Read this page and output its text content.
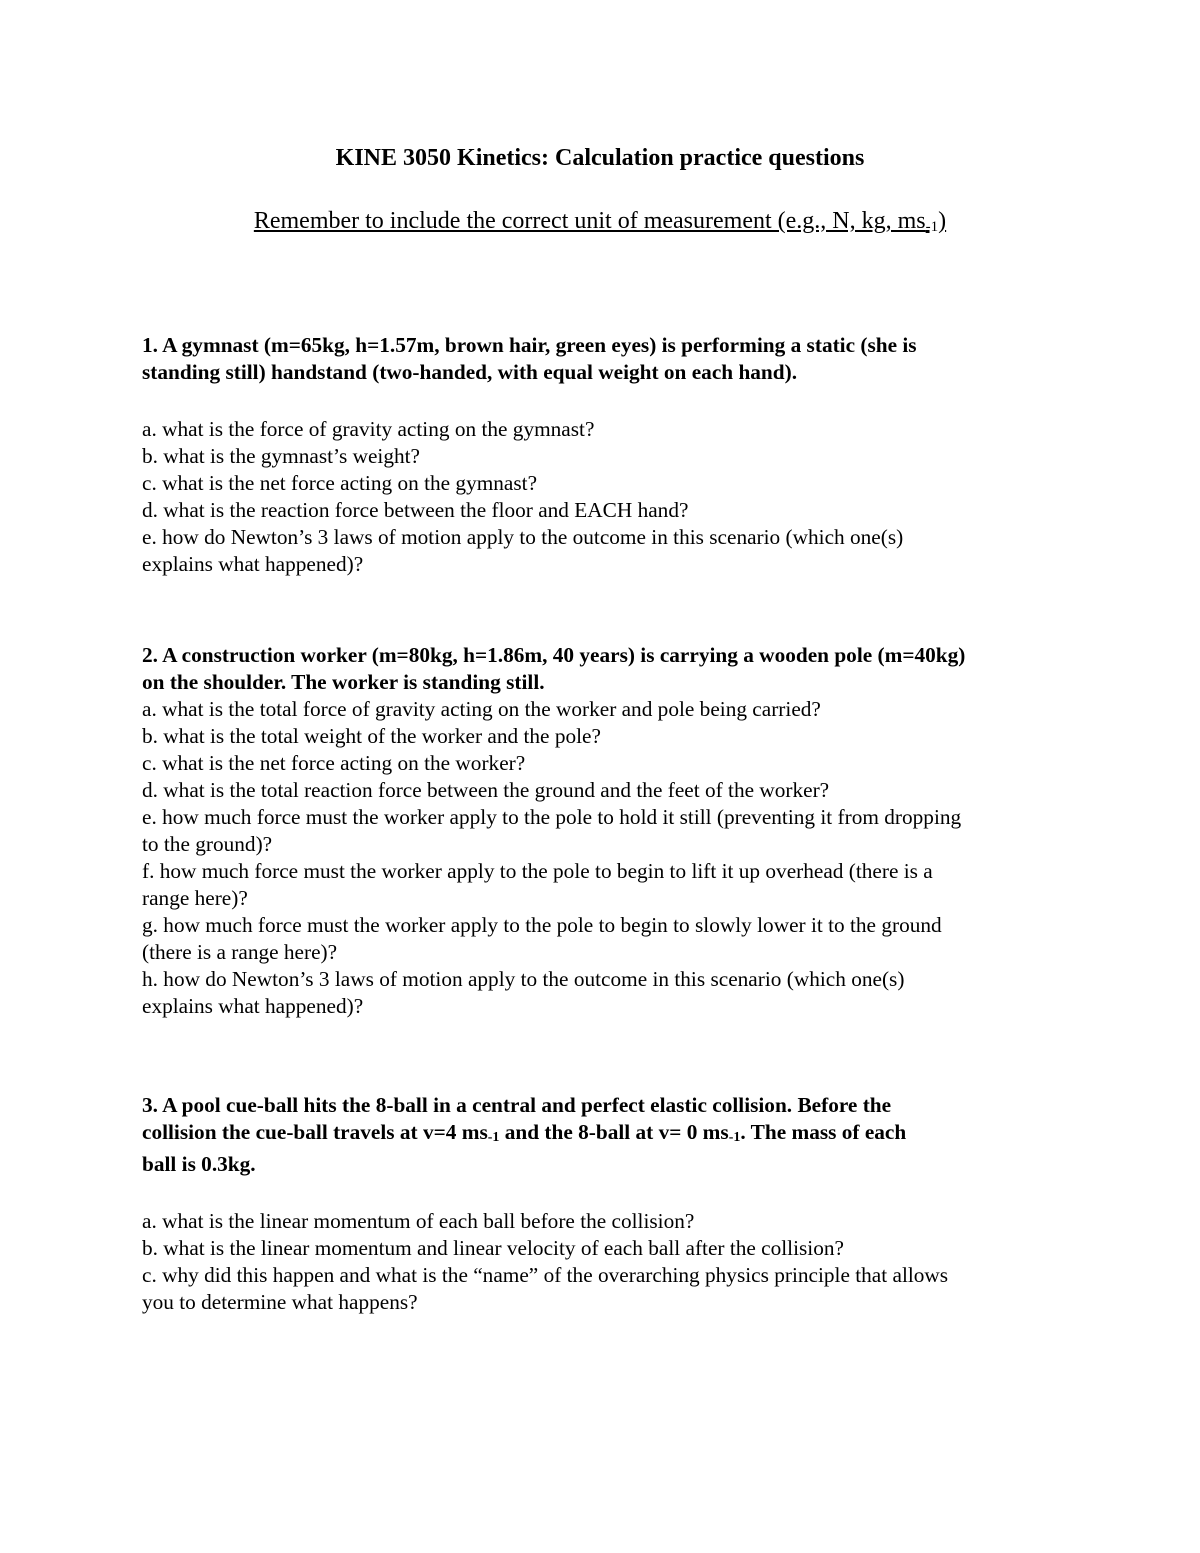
KINE 3050 Kinetics: Calculation practice questions
Remember to include the correct unit of measurement (e.g., N, kg, $ms_{-1}$)

1. A gymnast (m=65kg, h=1.57m, brown hair, green eyes) is performing a static (she is
standing still) handstand (two-handed, with equal weight on each hand).

a. what is the force of gravity acting on the gymnast?
b. what is the gymnast’s weight?
c. what is the net force acting on the gymnast?
d. what is the reaction force between the floor and EACH hand?
e. how do Newton’s 3 laws of motion apply to the outcome in this scenario (which one(s)
explains what happened)?

2. A construction worker (m=80kg, h=1.86m, 40 years) is carrying a wooden pole (m=40kg)
on the shoulder. The worker is standing still.

a. what is the total force of gravity acting on the worker and pole being carried?
b. what is the total weight of the worker and the pole?
c. what is the net force acting on the worker?
d. what is the total reaction force between the ground and the feet of the worker?
e. how much force must the worker apply to the pole to hold it still (preventing it from dropping
to the ground)?
f. how much force must the worker apply to the pole to begin to lift it up overhead (there is a
range here)?
g. how much force must the worker apply to the pole to begin to slowly lower it to the ground
(there is a range here)?
h. how do Newton’s 3 laws of motion apply to the outcome in this scenario (which one(s)
explains what happened)?

3. A pool cue-ball hits the 8-ball in a central and perfect elastic collision. Before the
collision the cue-ball travels at v=4 $ms_{-1}$ and the 8-ball at v= 0 $ms_{-1}$. The mass of each
ball is 0.3kg.

a. what is the linear momentum of each ball before the collision?
b. what is the linear momentum and linear velocity of each ball after the collision?
c. why did this happen and what is the “name” of the overarching physics principle that allows
you to determine what happens?
